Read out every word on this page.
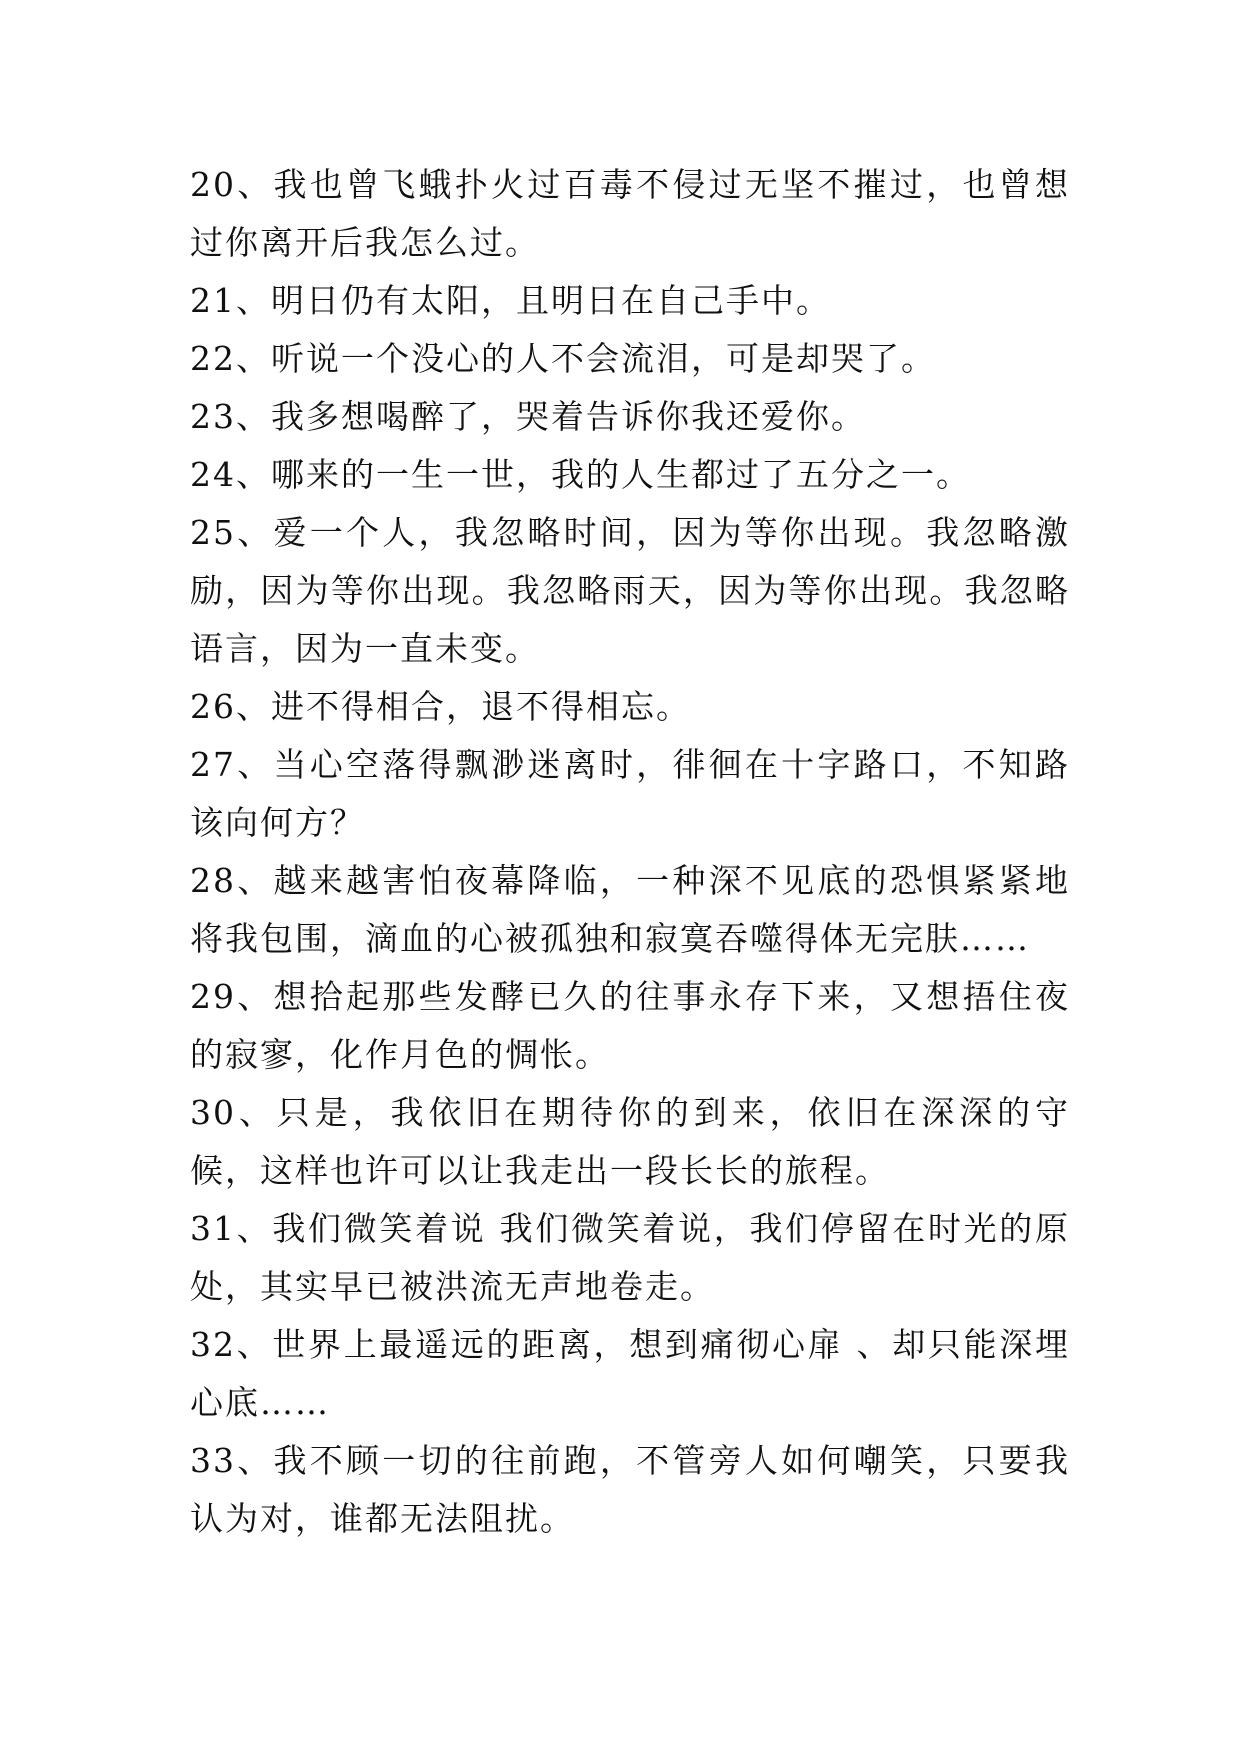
20、我也曾飞蛾扑火过百毒不侵过无坚不摧过，也曾想过你离开后我怎么过。

21、明日仍有太阳，且明日在自己手中。

22、听说一个没心的人不会流泪，可是却哭了。

23、我多想喝醉了，哭着告诉你我还爱你。

24、哪来的一生一世，我的人生都过了五分之一。

25、爱一个人，我忽略时间，因为等你出现。我忽略激励，因为等你出现。我忽略雨天，因为等你出现。我忽略语言，因为一直未变。

26、进不得相合，退不得相忘。

27、当心空落得飘渺迷离时，徘徊在十字路口，不知路该向何方？

28、越来越害怕夜幕降临，一种深不见底的恐惧紧紧地将我包围，滴血的心被孤独和寂寞吞噬得体无完肤……

29、想拾起那些发酵已久的往事永存下来，又想捂住夜的寂寥，化作月色的惆怅。

30、只是，我依旧在期待你的到来，依旧在深深的守候，这样也许可以让我走出一段长长的旅程。

31、我们微笑着说 我们微笑着说，我们停留在时光的原处，其实早已被洪流无声地卷走。

32、世界上最遥远的距离，想到痛彻心扉 、却只能深埋心底……

33、我不顾一切的往前跑，不管旁人如何嘲笑，只要我认为对，谁都无法阻扰。
